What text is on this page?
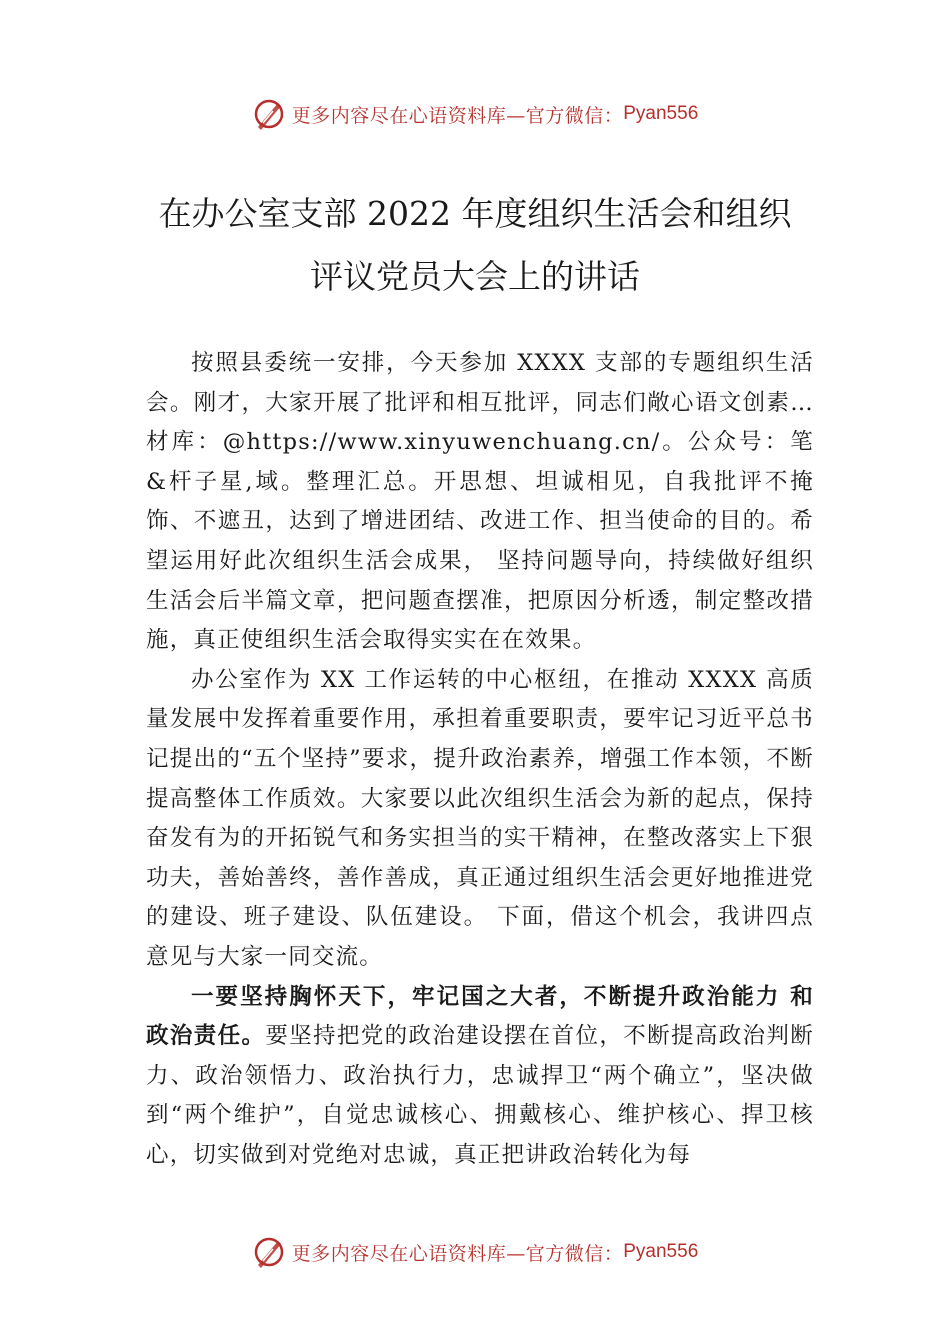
更多内容尽在心语资料库—官方微信： Pyan556
在办公室支部 2022 年度组织生活会和组织
评议党员大会上的讲话

按照县委统一安排，今天参加 XXXX 支部的专题组织生活会。刚才，大家开展了批评和相互批评，同志们敞心语文创素…材库：@https://www.xinyuwenchuang.cn/。公众号：笔&杆子星,域。整理汇总。开思想、坦诚相见，自我批评不掩饰、不遮丑，达到了增进团结、改进工作、担当使命的目的。希望运用好此次组织生活会成果， 坚持问题导向，持续做好组织生活会后半篇文章，把问题查摆准，把原因分析透，制定整改措施，真正使组织生活会取得实实在在效果。

办公室作为 XX 工作运转的中心枢纽，在推动 XXXX 高质量发展中发挥着重要作用，承担着重要职责，要牢记习近平总书记提出的“五个坚持”要求，提升政治素养，增强工作本领，不断提高整体工作质效。大家要以此次组织生活会为新的起点，保持奋发有为的开拓锐气和务实担当的实干精神，在整改落实上下狠功夫，善始善终，善作善成，真正通过组织生活会更好地推进党的建设、班子建设、队伍建设。 下面，借这个机会，我讲四点意见与大家一同交流。

一要坚持胸怀天下，牢记国之大者，不断提升政治能力 和政治责任。要坚持把党的政治建设摆在首位，不断提高政治判断力、政治领悟力、政治执行力，忠诚捍卫“两个确立”，坚决做到“两个维护”，自觉忠诚核心、拥戴核心、维护核心、捍卫核心，切实做到对党绝对忠诚，真正把讲政治转化为每

更多内容尽在心语资料库—官方微信： Pyan556
